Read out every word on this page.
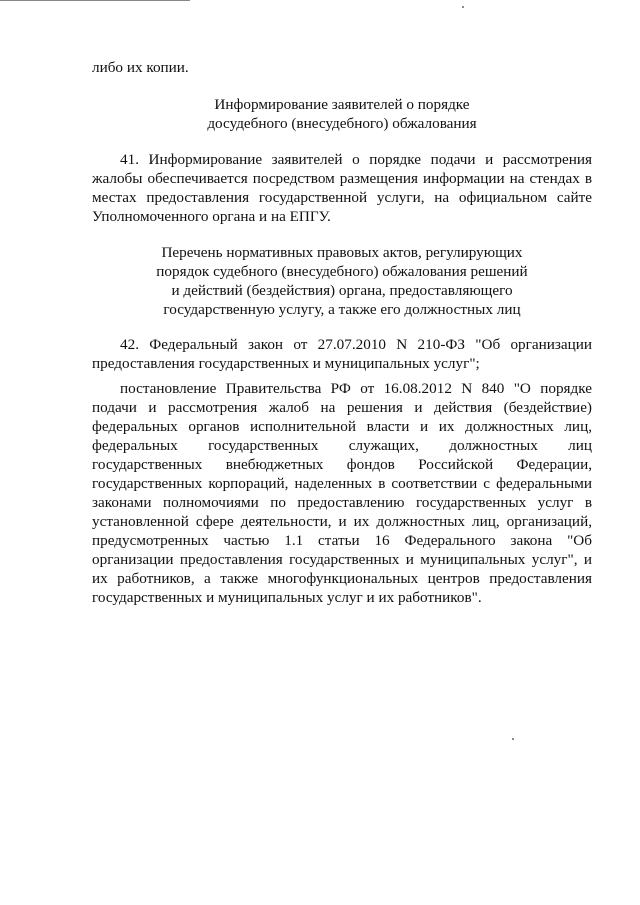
либо их копии.

Информирование заявителей о порядке
досудебного (внесудебного) обжалования

41. Информирование заявителей о порядке подачи и рассмотрения жалобы обеспечивается посредством размещения информации на стендах в местах предоставления государственной услуги, на официальном сайте Уполномоченного органа и на ЕПГУ.

Перечень нормативных правовых актов, регулирующих
порядок судебного (внесудебного) обжалования решений
и действий (бездействия) органа, предоставляющего
государственную услугу, а также его должностных лиц

42. Федеральный закон от 27.07.2010 N 210-ФЗ "Об организации предоставления государственных и муниципальных услуг";

постановление Правительства РФ от 16.08.2012 N 840 "О порядке подачи и рассмотрения жалоб на решения и действия (бездействие) федеральных органов исполнительной власти и их должностных лиц, федеральных государственных служащих, должностных лиц государственных внебюджетных фондов Российской Федерации, государственных корпораций, наделенных в соответствии с федеральными законами полномочиями по предоставлению государственных услуг в установленной сфере деятельности, и их должностных лиц, организаций, предусмотренных частью 1.1 статьи 16 Федерального закона "Об организации предоставления государственных и муниципальных услуг", и их работников, а также многофункциональных центров предоставления государственных и муниципальных услуг и их работников".
